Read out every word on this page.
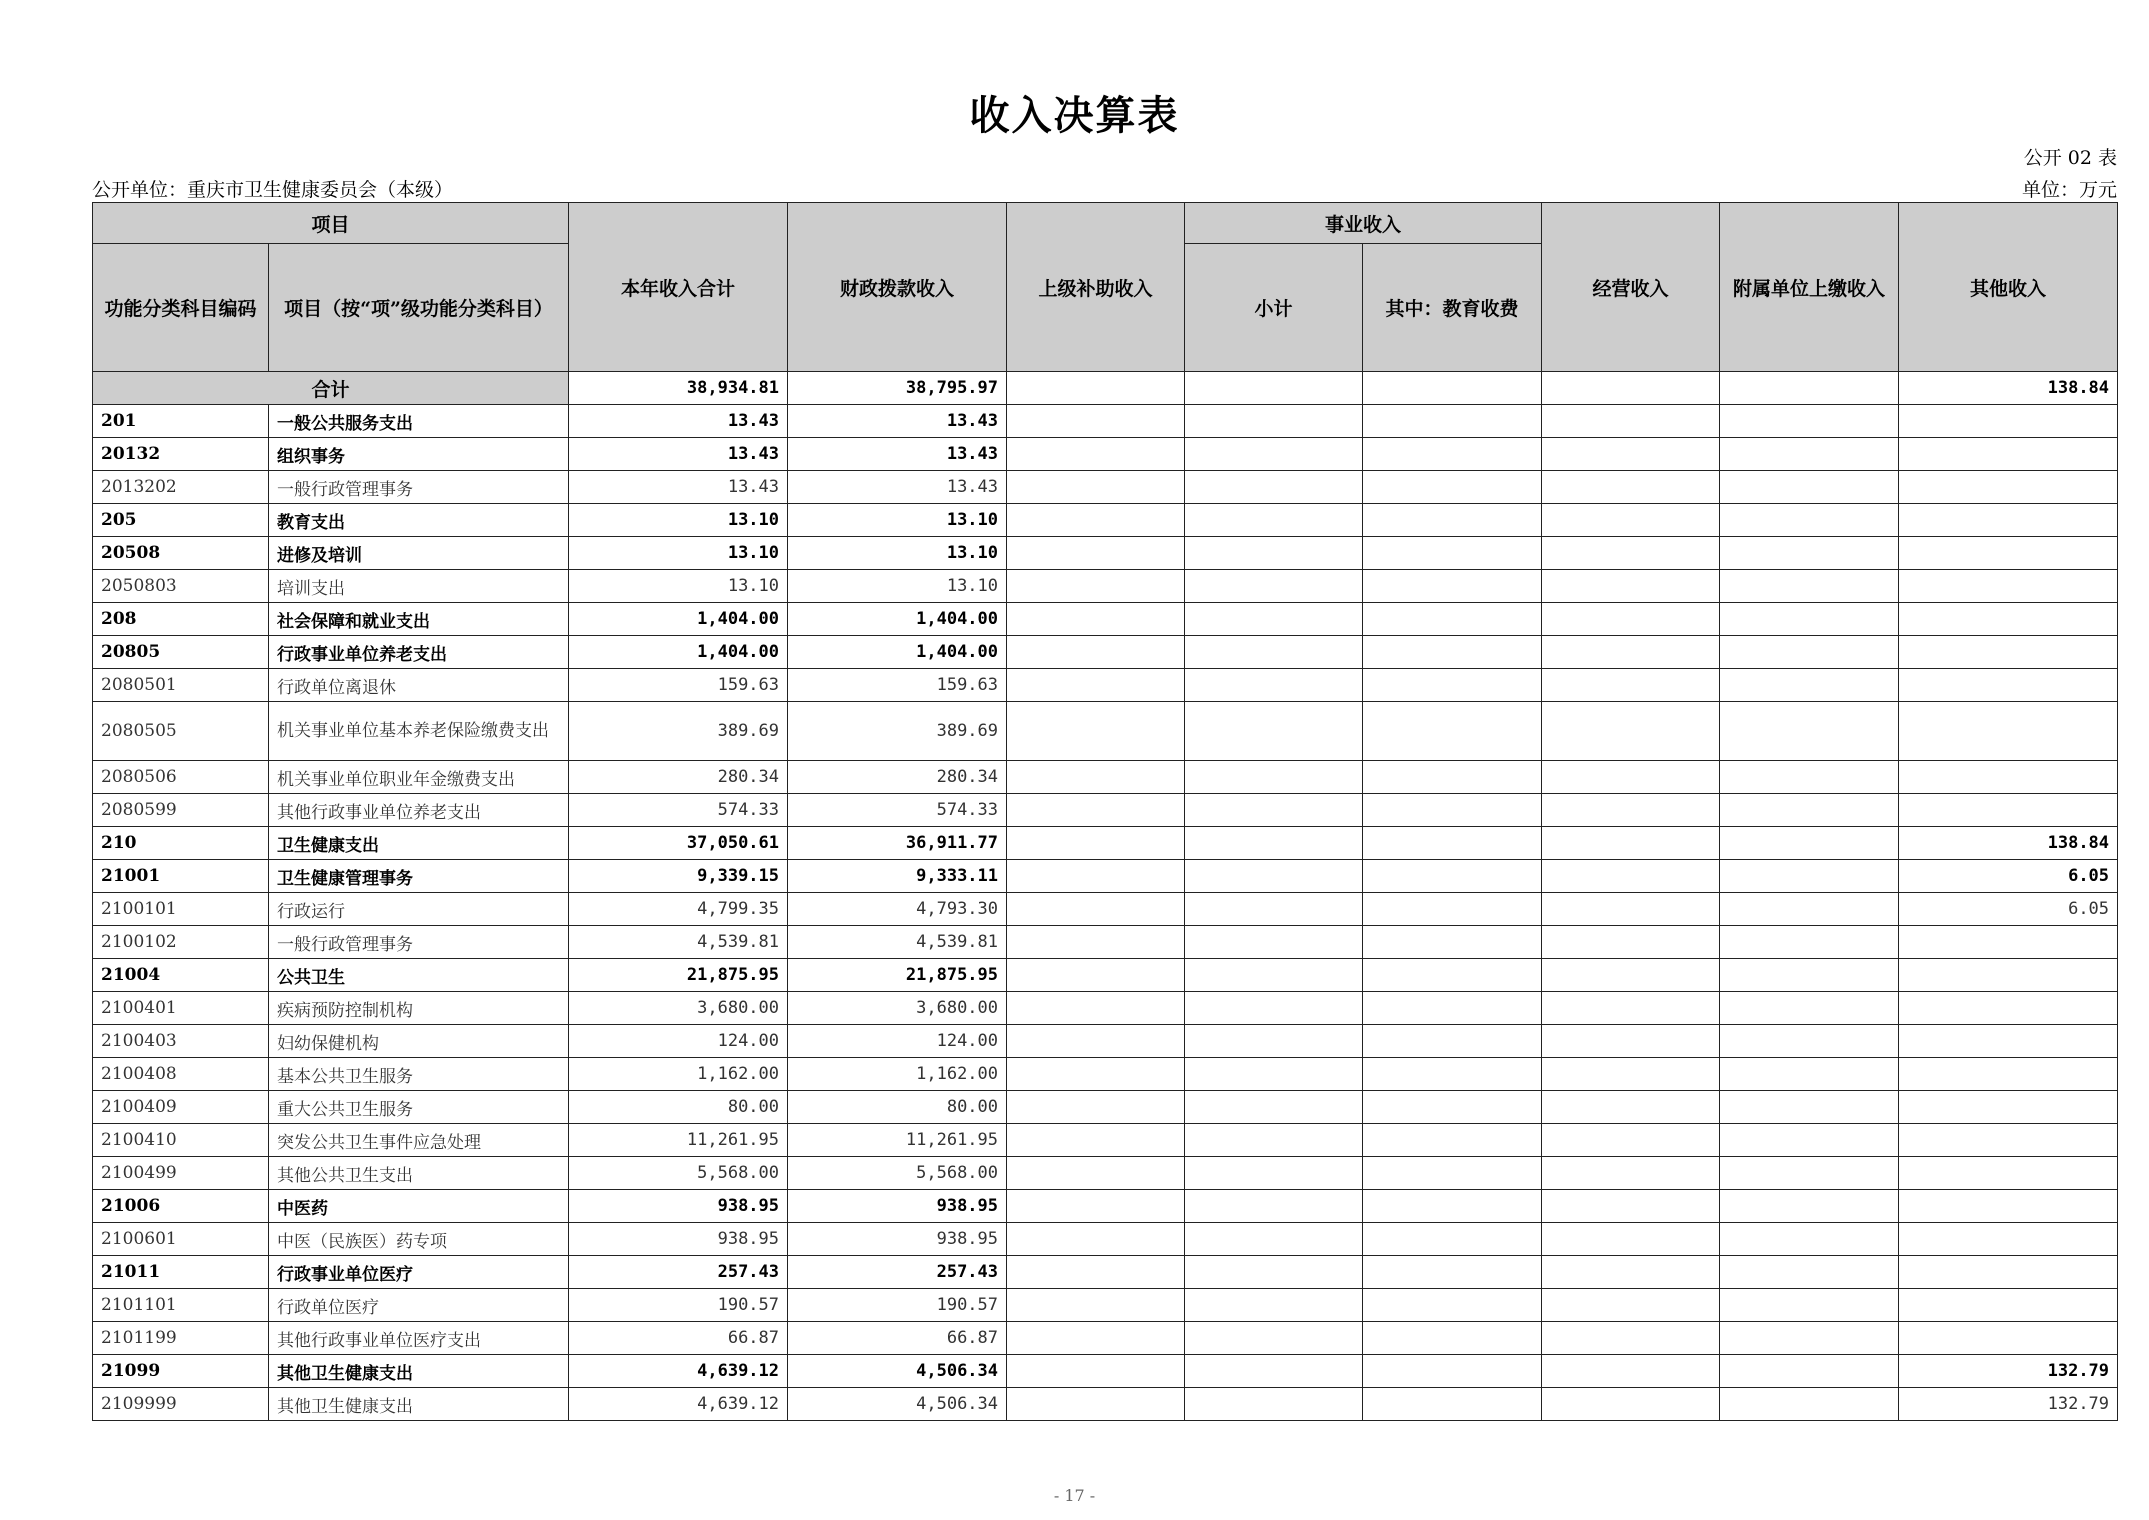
收入决算表
公开 02 表
公开单位：重庆市卫生健康委员会（本级）	单位：万元
项目		本年收入合计	财政拨款收入	上级补助收入	事业收入		经营收入	附属单位上缴收入	其他收入
功能分类科目编码	项目（按“项”级功能分类科目）				小计	其中：教育收费			
合计		38,934.81	38,795.97						138.84
201	一般公共服务支出	13.43	13.43						
20132	组织事务	13.43	13.43						
2013202	一般行政管理事务	13.43	13.43						
205	教育支出	13.10	13.10						
20508	进修及培训	13.10	13.10						
2050803	培训支出	13.10	13.10						
208	社会保障和就业支出	1,404.00	1,404.00						
20805	行政事业单位养老支出	1,404.00	1,404.00						
2080501	行政单位离退休	159.63	159.63						
2080505	机关事业单位基本养老保险缴费支出	389.69	389.69						
2080506	机关事业单位职业年金缴费支出	280.34	280.34						
2080599	其他行政事业单位养老支出	574.33	574.33						
210	卫生健康支出	37,050.61	36,911.77						138.84
21001	卫生健康管理事务	9,339.15	9,333.11						6.05
2100101	行政运行	4,799.35	4,793.30						6.05
2100102	一般行政管理事务	4,539.81	4,539.81						
21004	公共卫生	21,875.95	21,875.95						
2100401	疾病预防控制机构	3,680.00	3,680.00						
2100403	妇幼保健机构	124.00	124.00						
2100408	基本公共卫生服务	1,162.00	1,162.00						
2100409	重大公共卫生服务	80.00	80.00						
2100410	突发公共卫生事件应急处理	11,261.95	11,261.95						
2100499	其他公共卫生支出	5,568.00	5,568.00						
21006	中医药	938.95	938.95						
2100601	中医（民族医）药专项	938.95	938.95						
21011	行政事业单位医疗	257.43	257.43						
2101101	行政单位医疗	190.57	190.57						
2101199	其他行政事业单位医疗支出	66.87	66.87						
21099	其他卫生健康支出	4,639.12	4,506.34						132.79
2109999	其他卫生健康支出	4,639.12	4,506.34						132.79
- 17 -
